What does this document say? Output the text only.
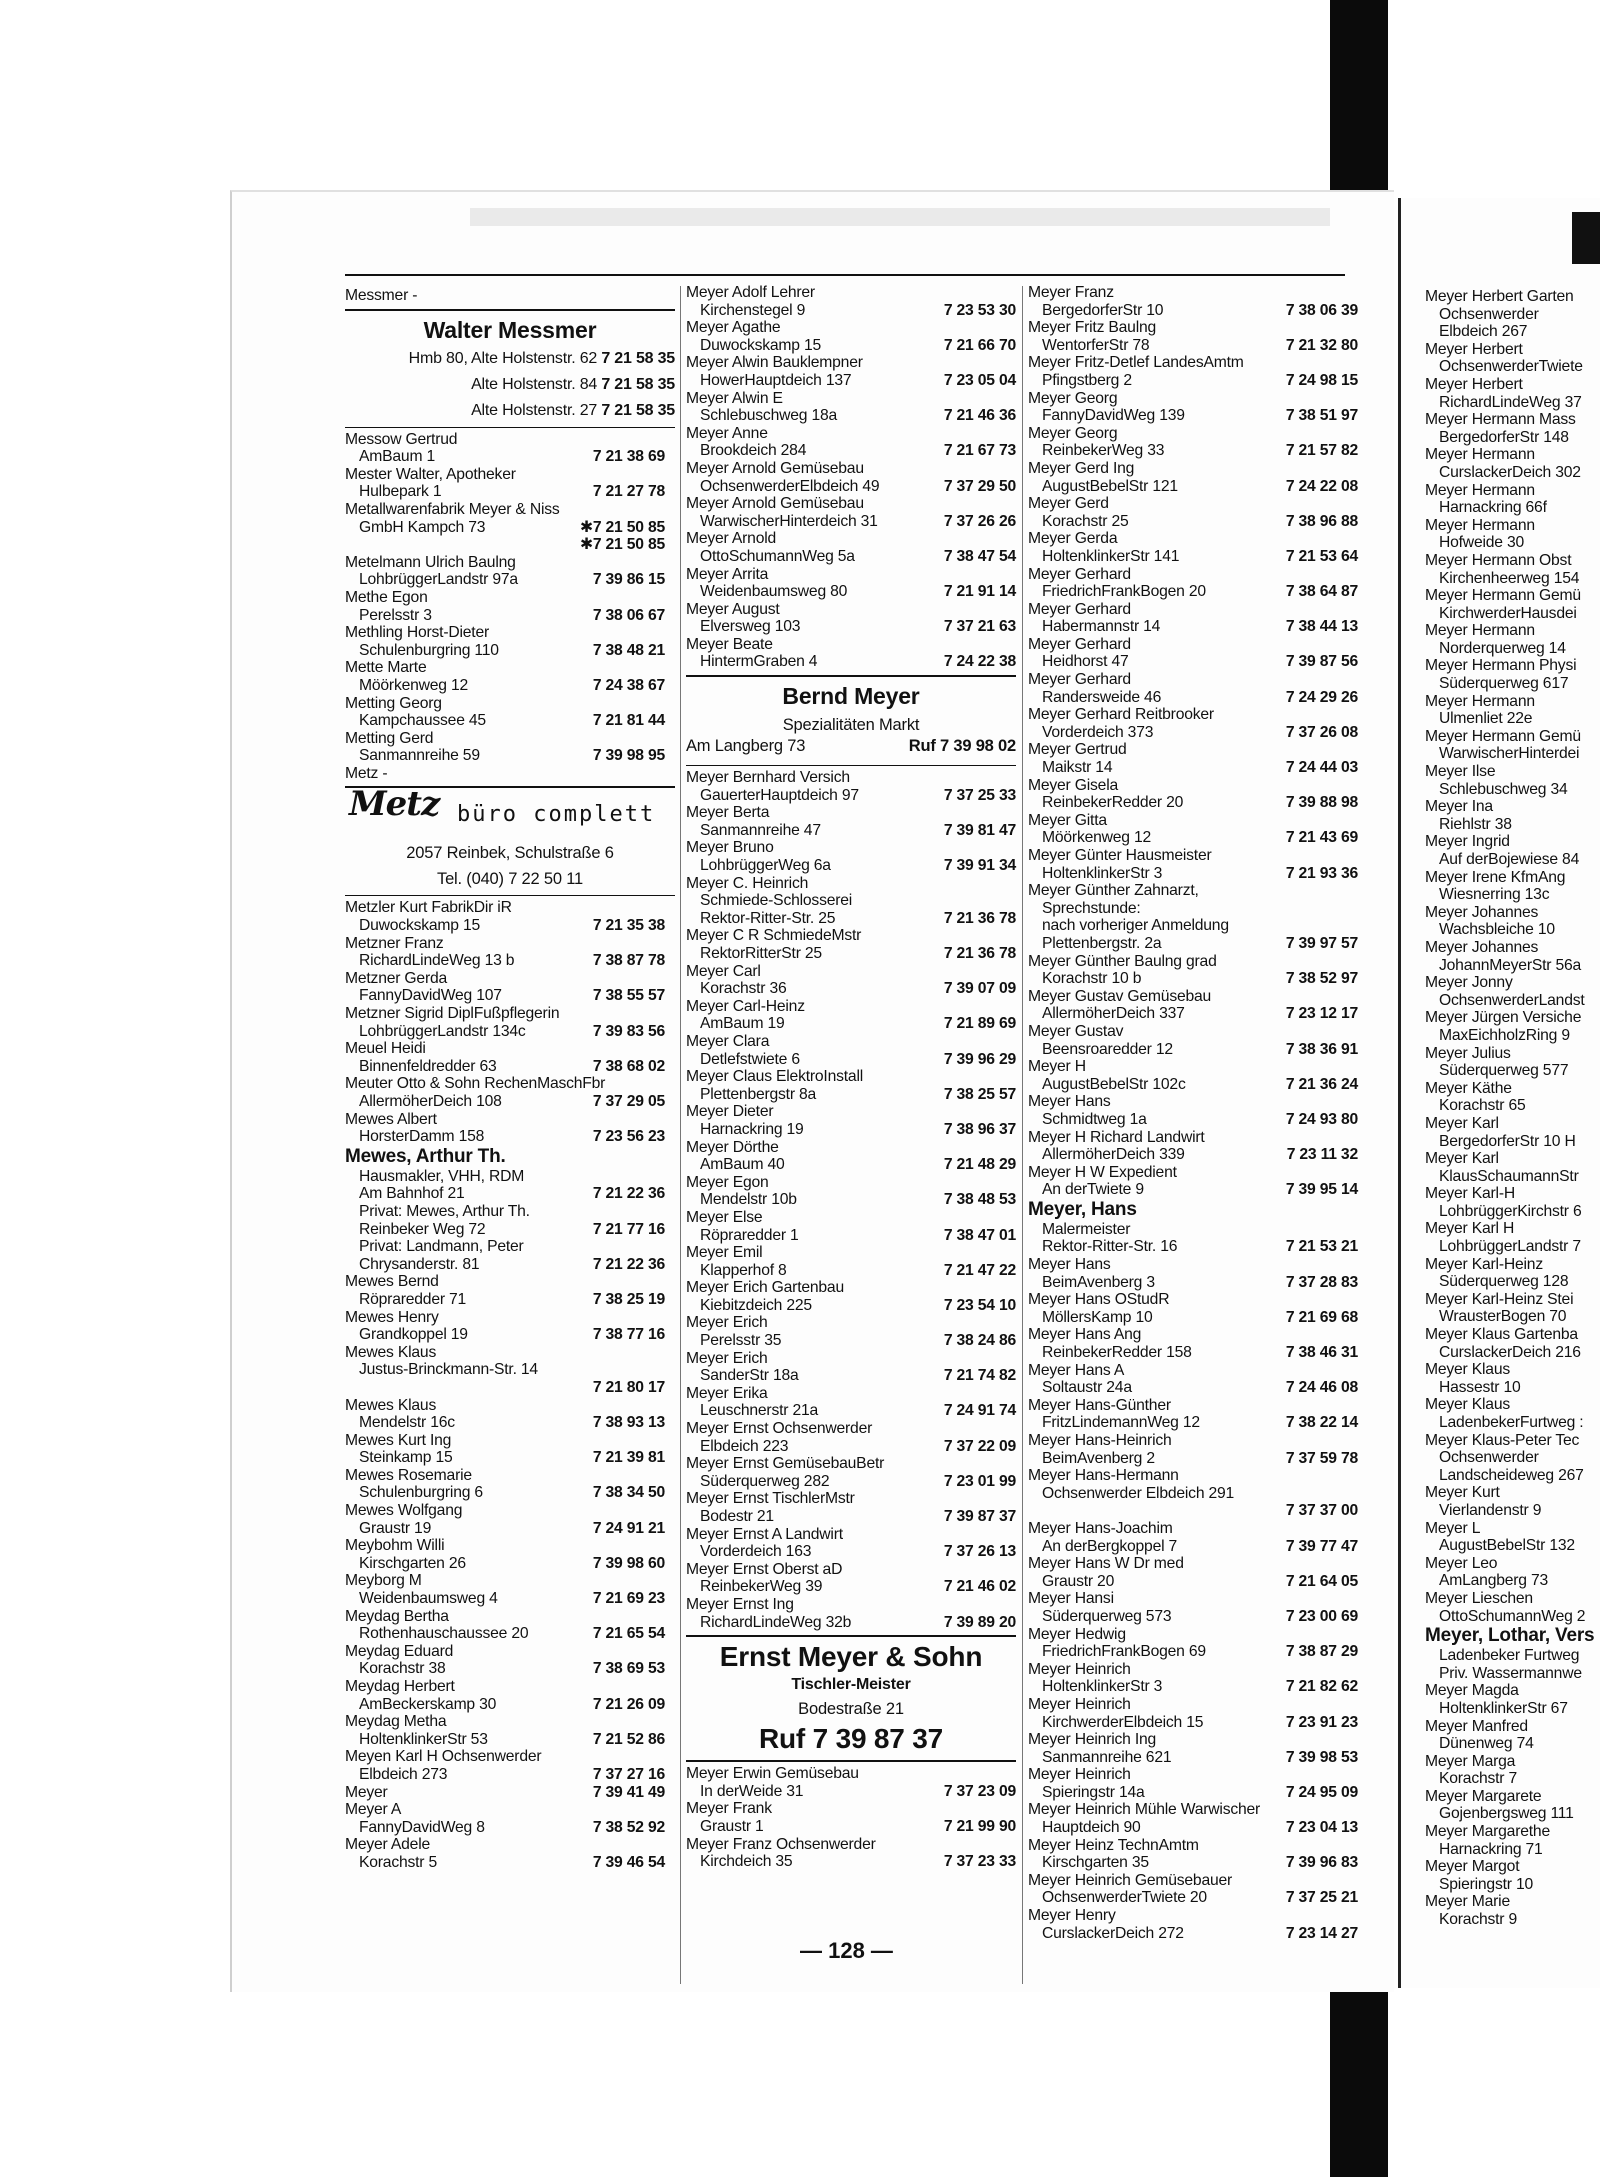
Messmer -
Walter Messmer
Hmb 80, Alte Holstenstr. 62 7 21 58 35
Alte Holstenstr. 84 7 21 58 35
Alte Holstenstr. 27 7 21 58 35
Messow Gertrud
AmBaum 1	7 21 38 69
Mester Walter, Apotheker
Hulbepark 1	7 21 27 78
Metallwarenfabrik Meyer & Niss
GmbH Kampch 73	✱7 21 50 85
✱7 21 50 85
Metelmann Ulrich Baulng
LohbrüggerLandstr 97a	7 39 86 15
Methe Egon
Perelsstr 3	7 38 06 67
Methling Horst-Dieter
Schulenburgring 110	7 38 48 21
Mette Marte
Möörkenweg 12	7 24 38 67
Metting Georg
Kampchaussee 45	7 21 81 44
Metting Gerd
Sanmannreihe 59	7 39 98 95
Metz -
Metz büro complett
2057 Reinbek, Schulstraße 6
Tel. (040) 7 22 50 11
Metzler Kurt FabrikDir iR
Duwockskamp 15	7 21 35 38
Metzner Franz
RichardLindeWeg 13 b	7 38 87 78
Metzner Gerda
FannyDavidWeg 107	7 38 55 57
Metzner Sigrid DiplFußpflegerin
LohbrüggerLandstr 134c	7 39 83 56
Meuel Heidi
Binnenfeldredder 63	7 38 68 02
Meuter Otto & Sohn RechenMaschFbr
AllermöherDeich 108	7 37 29 05
Mewes Albert
HorsterDamm 158	7 23 56 23
Mewes, Arthur Th.
Hausmakler, VHH, RDM
Am Bahnhof 21	7 21 22 36
Privat: Mewes, Arthur Th.
Reinbeker Weg 72	7 21 77 16
Privat: Landmann, Peter
Chrysanderstr. 81	7 21 22 36
Mewes Bernd
Röpraredder 71	7 38 25 19
Mewes Henry
Grandkoppel 19	7 38 77 16
Mewes Klaus
Justus-Brinckmann-Str. 14
7 21 80 17
Mewes Klaus
Mendelstr 16c	7 38 93 13
Mewes Kurt Ing
Steinkamp 15	7 21 39 81
Mewes Rosemarie
Schulenburgring 6	7 38 34 50
Mewes Wolfgang
Graustr 19	7 24 91 21
Meybohm Willi
Kirschgarten 26	7 39 98 60
Meyborg M
Weidenbaumsweg 4	7 21 69 23
Meydag Bertha
Rothenhauschaussee 20	7 21 65 54
Meydag Eduard
Korachstr 38	7 38 69 53
Meydag Herbert
AmBeckerskamp 30	7 21 26 09
Meydag Metha
HoltenklinkerStr 53	7 21 52 86
Meyen Karl H Ochsenwerder
Elbdeich 273	7 37 27 16
Meyer	7 39 41 49
Meyer A
FannyDavidWeg 8	7 38 52 92
Meyer Adele
Korachstr 5	7 39 46 54
Meyer Adolf Lehrer
Kirchenstegel 9	7 23 53 30
Meyer Agathe
Duwockskamp 15	7 21 66 70
Meyer Alwin Bauklempner
HowerHauptdeich 137	7 23 05 04
Meyer Alwin E
Schlebuschweg 18a	7 21 46 36
Meyer Anne
Brookdeich 284	7 21 67 73
Meyer Arnold Gemüsebau
OchsenwerderElbdeich 49	7 37 29 50
Meyer Arnold Gemüsebau
WarwischerHinterdeich 31	7 37 26 26
Meyer Arnold
OttoSchumannWeg 5a	7 38 47 54
Meyer Arrita
Weidenbaumsweg 80	7 21 91 14
Meyer August
Elversweg 103	7 37 21 63
Meyer Beate
HintermGraben 4	7 24 22 38
Bernd Meyer
Spezialitäten Markt
Am Langberg 73	Ruf 7 39 98 02
Meyer Bernhard Versich
GauerterHauptdeich 97	7 37 25 33
Meyer Berta
Sanmannreihe 47	7 39 81 47
Meyer Bruno
LohbrüggerWeg 6a	7 39 91 34
Meyer C. Heinrich
Schmiede-Schlosserei
Rektor-Ritter-Str. 25	7 21 36 78
Meyer C R SchmiedeMstr
RektorRitterStr 25	7 21 36 78
Meyer Carl
Korachstr 36	7 39 07 09
Meyer Carl-Heinz
AmBaum 19	7 21 89 69
Meyer Clara
Detlefstwiete 6	7 39 96 29
Meyer Claus ElektroInstall
Plettenbergstr 8a	7 38 25 57
Meyer Dieter
Harnackring 19	7 38 96 37
Meyer Dörthe
AmBaum 40	7 21 48 29
Meyer Egon
Mendelstr 10b	7 38 48 53
Meyer Else
Röpraredder 1	7 38 47 01
Meyer Emil
Klapperhof 8	7 21 47 22
Meyer Erich Gartenbau
Kiebitzdeich 225	7 23 54 10
Meyer Erich
Perelsstr 35	7 38 24 86
Meyer Erich
SanderStr 18a	7 21 74 82
Meyer Erika
Leuschnerstr 21a	7 24 91 74
Meyer Ernst Ochsenwerder
Elbdeich 223	7 37 22 09
Meyer Ernst GemüsebauBetr
Süderquerweg 282	7 23 01 99
Meyer Ernst TischlerMstr
Bodestr 21	7 39 87 37
Meyer Ernst A Landwirt
Vorderdeich 163	7 37 26 13
Meyer Ernst Oberst aD
ReinbekerWeg 39	7 21 46 02
Meyer Ernst Ing
RichardLindeWeg 32b	7 39 89 20
Ernst Meyer & Sohn
Tischler-Meister
Bodestraße 21
Ruf 7 39 87 37
Meyer Erwin Gemüsebau
In derWeide 31	7 37 23 09
Meyer Frank
Graustr 1	7 21 99 90
Meyer Franz Ochsenwerder
Kirchdeich 35	7 37 23 33
Meyer Franz
BergedorferStr 10	7 38 06 39
Meyer Fritz Baulng
WentorferStr 78	7 21 32 80
Meyer Fritz-Detlef LandesAmtm
Pfingstberg 2	7 24 98 15
Meyer Georg
FannyDavidWeg 139	7 38 51 97
Meyer Georg
ReinbekerWeg 33	7 21 57 82
Meyer Gerd Ing
AugustBebelStr 121	7 24 22 08
Meyer Gerd
Korachstr 25	7 38 96 88
Meyer Gerda
HoltenklinkerStr 141	7 21 53 64
Meyer Gerhard
FriedrichFrankBogen 20	7 38 64 87
Meyer Gerhard
Habermannstr 14	7 38 44 13
Meyer Gerhard
Heidhorst 47	7 39 87 56
Meyer Gerhard
Randersweide 46	7 24 29 26
Meyer Gerhard Reitbrooker
Vorderdeich 373	7 37 26 08
Meyer Gertrud
Maikstr 14	7 24 44 03
Meyer Gisela
ReinbekerRedder 20	7 39 88 98
Meyer Gitta
Möörkenweg 12	7 21 43 69
Meyer Günter Hausmeister
HoltenklinkerStr 3	7 21 93 36
Meyer Günther Zahnarzt,
Sprechstunde:
nach vorheriger Anmeldung
Plettenbergstr. 2a	7 39 97 57
Meyer Günther Baulng grad
Korachstr 10 b	7 38 52 97
Meyer Gustav Gemüsebau
AllermöherDeich 337	7 23 12 17
Meyer Gustav
Beensroaredder 12	7 38 36 91
Meyer H
AugustBebelStr 102c	7 21 36 24
Meyer Hans
Schmidtweg 1a	7 24 93 80
Meyer H Richard Landwirt
AllermöherDeich 339	7 23 11 32
Meyer H W Expedient
An derTwiete 9	7 39 95 14
Meyer, Hans
Malermeister
Rektor-Ritter-Str. 16	7 21 53 21
Meyer Hans
BeimAvenberg 3	7 37 28 83
Meyer Hans OStudR
MöllersKamp 10	7 21 69 68
Meyer Hans Ang
ReinbekerRedder 158	7 38 46 31
Meyer Hans A
Soltaustr 24a	7 24 46 08
Meyer Hans-Günther
FritzLindemannWeg 12	7 38 22 14
Meyer Hans-Heinrich
BeimAvenberg 2	7 37 59 78
Meyer Hans-Hermann
Ochsenwerder Elbdeich 291
7 37 37 00
Meyer Hans-Joachim
An derBergkoppel 7	7 39 77 47
Meyer Hans W Dr med
Graustr 20	7 21 64 05
Meyer Hansi
Süderquerweg 573	7 23 00 69
Meyer Hedwig
FriedrichFrankBogen 69	7 38 87 29
Meyer Heinrich
HoltenklinkerStr 3	7 21 82 62
Meyer Heinrich
KirchwerderElbdeich 15	7 23 91 23
Meyer Heinrich Ing
Sanmannreihe 621	7 39 98 53
Meyer Heinrich
Spieringstr 14a	7 24 95 09
Meyer Heinrich Mühle Warwischer
Hauptdeich 90	7 23 04 13
Meyer Heinz TechnAmtm
Kirschgarten 35	7 39 96 83
Meyer Heinrich Gemüsebauer
OchsenwerderTwiete 20	7 37 25 21
Meyer Henry
CurslackerDeich 272	7 23 14 27
Meyer Herbert Garten
Ochsenwerder
Elbdeich 267
Meyer Herbert
OchsenwerderTwiete
Meyer Herbert
RichardLindeWeg 37
Meyer Hermann Mass
BergedorferStr 148
Meyer Hermann
CurslackerDeich 302
Meyer Hermann
Harnackring 66f
Meyer Hermann
Hofweide 30
Meyer Hermann Obst
Kirchenheerweg 154
Meyer Hermann Gemü
KirchwerderHausdei
Meyer Hermann
Norderquerweg 14
Meyer Hermann Physi
Süderquerweg 617
Meyer Hermann
Ulmenliet 22e
Meyer Hermann Gemü
WarwischerHinterdei
Meyer Ilse
Schlebuschweg 34
Meyer Ina
Riehlstr 38
Meyer Ingrid
Auf derBojewiese 84
Meyer Irene KfmAng
Wiesnerring 13c
Meyer Johannes
Wachsbleiche 10
Meyer Johannes
JohannMeyerStr 56a
Meyer Jonny
OchsenwerderLandst
Meyer Jürgen Versiche
MaxEichholzRing 9
Meyer Julius
Süderquerweg 577
Meyer Käthe
Korachstr 65
Meyer Karl
BergedorferStr 10 H
Meyer Karl
KlausSchaumannStr
Meyer Karl-H
LohbrüggerKirchstr 6
Meyer Karl H
LohbrüggerLandstr 7
Meyer Karl-Heinz
Süderquerweg 128
Meyer Karl-Heinz Stei
WrausterBogen 70
Meyer Klaus Gartenba
CurslackerDeich 216
Meyer Klaus
Hassestr 10
Meyer Klaus
LadenbekerFurtweg :
Meyer Klaus-Peter Tec
Ochsenwerder
Landscheideweg 267
Meyer Kurt
Vierlandenstr 9
Meyer L
AugustBebelStr 132
Meyer Leo
AmLangberg 73
Meyer Lieschen
OttoSchumannWeg 2
Meyer, Lothar, Vers
Ladenbeker Furtweg
Priv. Wassermannwe
Meyer Magda
HoltenklinkerStr 67
Meyer Manfred
Dünenweg 74
Meyer Marga
Korachstr 7
Meyer Margarete
Gojenbergsweg 111
Meyer Margarethe
Harnackring 71
Meyer Margot
Spieringstr 10
Meyer Marie
Korachstr 9
— 128 —
